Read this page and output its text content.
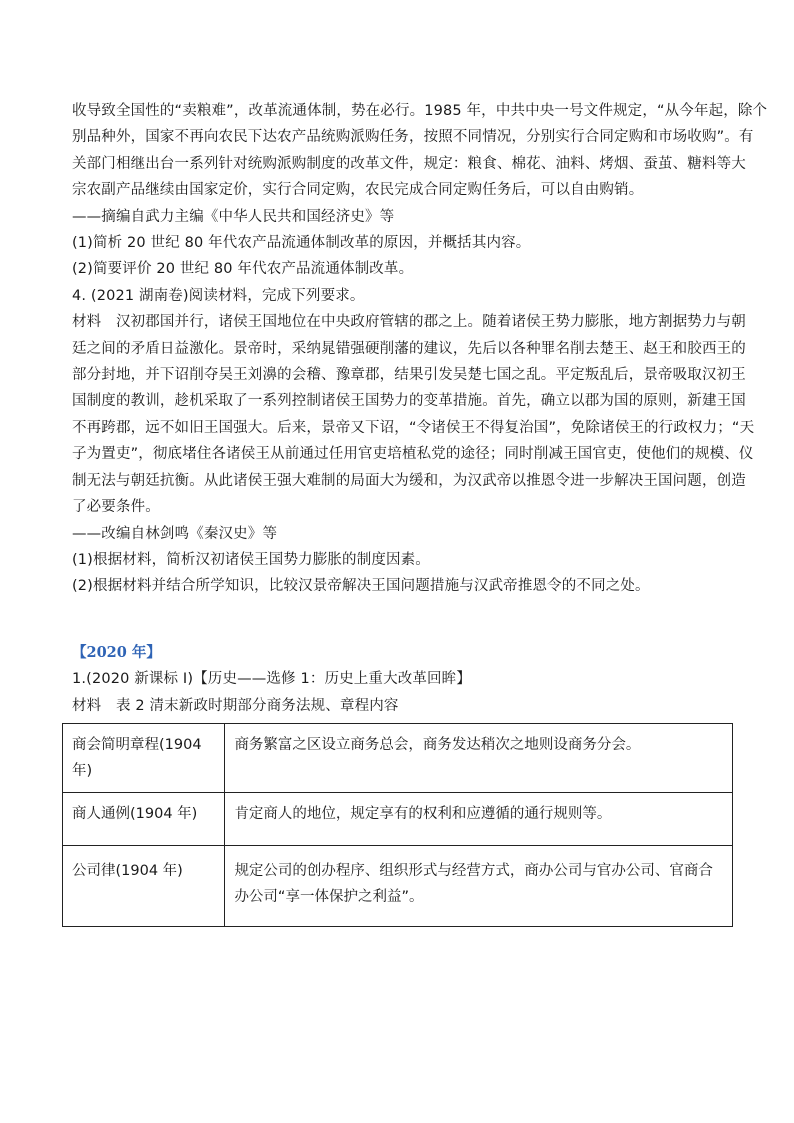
收导致全国性的“卖粮难”，改革流通体制，势在必行。1985 年，中共中央一号文件规定，“从今年起，除个
别品种外，国家不再向农民下达农产品统购派购任务，按照不同情况，分别实行合同定购和市场收购”。有
关部门相继出台一系列针对统购派购制度的改革文件，规定：粮食、棉花、油料、烤烟、蚕茧、糖料等大
宗农副产品继续由国家定价，实行合同定购，农民完成合同定购任务后，可以自由购销。
——摘编自武力主编《中华人民共和国经济史》等
(1)简析 20 世纪 80 年代农产品流通体制改革的原因，并概括其内容。
(2)简要评价 20 世纪 80 年代农产品流通体制改革。
4. (2021 湖南卷)阅读材料，完成下列要求。
材料　汉初郡国并行，诸侯王国地位在中央政府管辖的郡之上。随着诸侯王势力膨胀，地方割据势力与朝
廷之间的矛盾日益激化。景帝时，采纳晁错强硬削藩的建议，先后以各种罪名削去楚王、赵王和胶西王的
部分封地，并下诏削夺吴王刘濞的会稽、豫章郡，结果引发吴楚七国之乱。平定叛乱后，景帝吸取汉初王
国制度的教训，趁机采取了一系列控制诸侯王国势力的变革措施。首先，确立以郡为国的原则，新建王国
不再跨郡，远不如旧王国强大。后来，景帝又下诏，“令诸侯王不得复治国”，免除诸侯王的行政权力；“天
子为置吏”，彻底堵住各诸侯王从前通过任用官吏培植私党的途径；同时削减王国官吏，使他们的规模、仪
制无法与朝廷抗衡。从此诸侯王强大难制的局面大为缓和，为汉武帝以推恩令进一步解决王国问题，创造
了必要条件。
——改编自林剑鸣《秦汉史》等
(1)根据材料，简析汉初诸侯王国势力膨胀的制度因素。
(2)根据材料并结合所学知识，比较汉景帝解决王国问题措施与汉武帝推恩令的不同之处。
【2020 年】
1.(2020 新课标 I)【历史——选修 1：历史上重大改革回眸】
材料　表 2 清末新政时期部分商务法规、章程内容
商会简明章程(1904 年)	商务繁富之区设立商务总会，商务发达稍次之地则设商务分会。
商人通例(1904 年)	肯定商人的地位，规定享有的权利和应遵循的通行规则等。
公司律(1904 年)	规定公司的创办程序、组织形式与经营方式，商办公司与官办公司、官商合办公司“享一体保护之利益”。
